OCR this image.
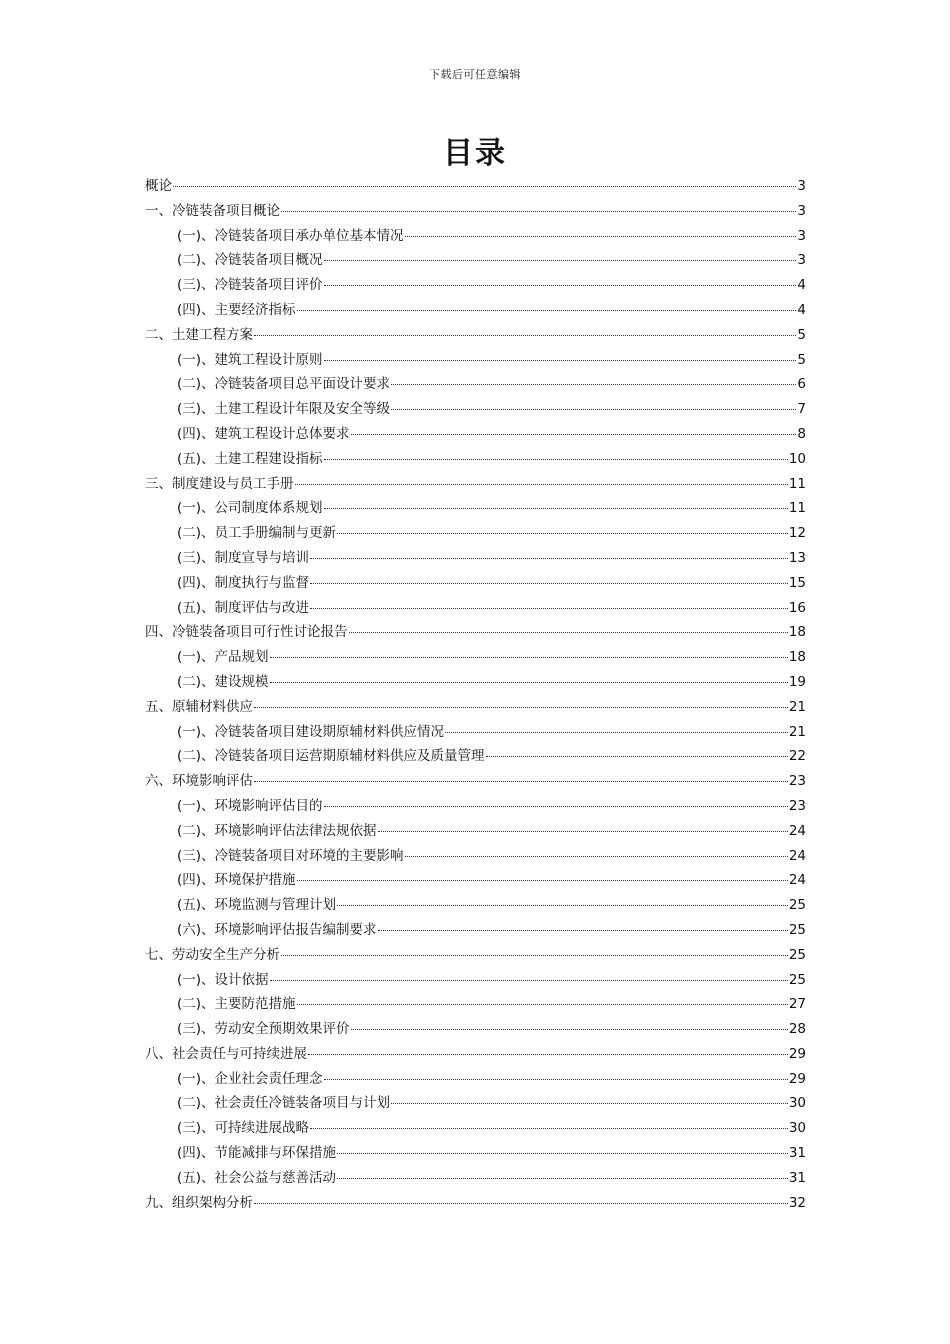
下载后可任意编辑
目录
概论	3
一、冷链装备项目概论	3
(一)、冷链装备项目承办单位基本情况	3
(二)、冷链装备项目概况	3
(三)、冷链装备项目评价	4
(四)、主要经济指标	4
二、土建工程方案	5
(一)、建筑工程设计原则	5
(二)、冷链装备项目总平面设计要求	6
(三)、土建工程设计年限及安全等级	7
(四)、建筑工程设计总体要求	8
(五)、土建工程建设指标	10
三、制度建设与员工手册	11
(一)、公司制度体系规划	11
(二)、员工手册编制与更新	12
(三)、制度宣导与培训	13
(四)、制度执行与监督	15
(五)、制度评估与改进	16
四、冷链装备项目可行性讨论报告	18
(一)、产品规划	18
(二)、建设规模	19
五、原辅材料供应	21
(一)、冷链装备项目建设期原辅材料供应情况	21
(二)、冷链装备项目运营期原辅材料供应及质量管理	22
六、环境影响评估	23
(一)、环境影响评估目的	23
(二)、环境影响评估法律法规依据	24
(三)、冷链装备项目对环境的主要影响	24
(四)、环境保护措施	24
(五)、环境监测与管理计划	25
(六)、环境影响评估报告编制要求	25
七、劳动安全生产分析	25
(一)、设计依据	25
(二)、主要防范措施	27
(三)、劳动安全预期效果评价	28
八、社会责任与可持续进展	29
(一)、企业社会责任理念	29
(二)、社会责任冷链装备项目与计划	30
(三)、可持续进展战略	30
(四)、节能减排与环保措施	31
(五)、社会公益与慈善活动	31
九、组织架构分析	32
